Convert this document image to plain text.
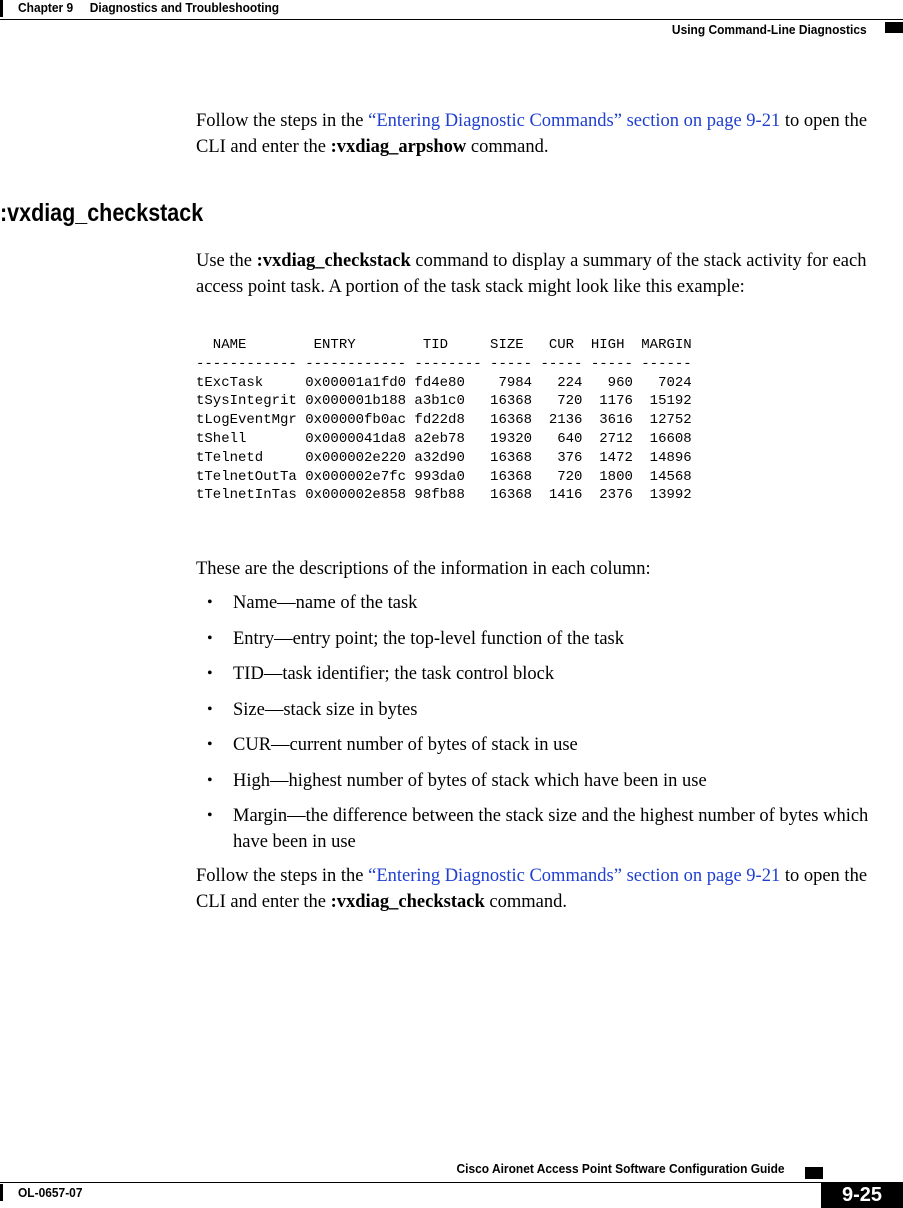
Chapter 9 Diagnostics and Troubleshooting
Using Command-Line Diagnostics

Follow the steps in the “Entering Diagnostic Commands” section on page 9-21 to open the CLI and enter the :vxdiag_arpshow command.

:vxdiag_checkstack

Use the :vxdiag_checkstack command to display a summary of the stack activity for each access point task. A portion of the task stack might look like this example:

NAME        ENTRY        TID     SIZE   CUR  HIGH  MARGIN
------------ ------------ -------- ----- ----- ----- ------
tExcTask     0x00001a1fd0 fd4e80    7984   224   960   7024
tSysIntegrit 0x000001b188 a3b1c0   16368   720  1176  15192
tLogEventMgr 0x00000fb0ac fd22d8   16368  2136  3616  12752
tShell       0x0000041da8 a2eb78   19320   640  2712  16608
tTelnetd     0x000002e220 a32d90   16368   376  1472  14896
tTelnetOutTa 0x000002e7fc 993da0   16368   720  1800  14568
tTelnetInTas 0x000002e858 98fb88   16368  1416  2376  13992

These are the descriptions of the information in each column:

• Name—name of the task
• Entry—entry point; the top-level function of the task
• TID—task identifier; the task control block
• Size—stack size in bytes
• CUR—current number of bytes of stack in use
• High—highest number of bytes of stack which have been in use
• Margin—the difference between the stack size and the highest number of bytes which have been in use

Follow the steps in the “Entering Diagnostic Commands” section on page 9-21 to open the CLI and enter the :vxdiag_checkstack command.

Cisco Aironet Access Point Software Configuration Guide
OL-0657-07	9-25
